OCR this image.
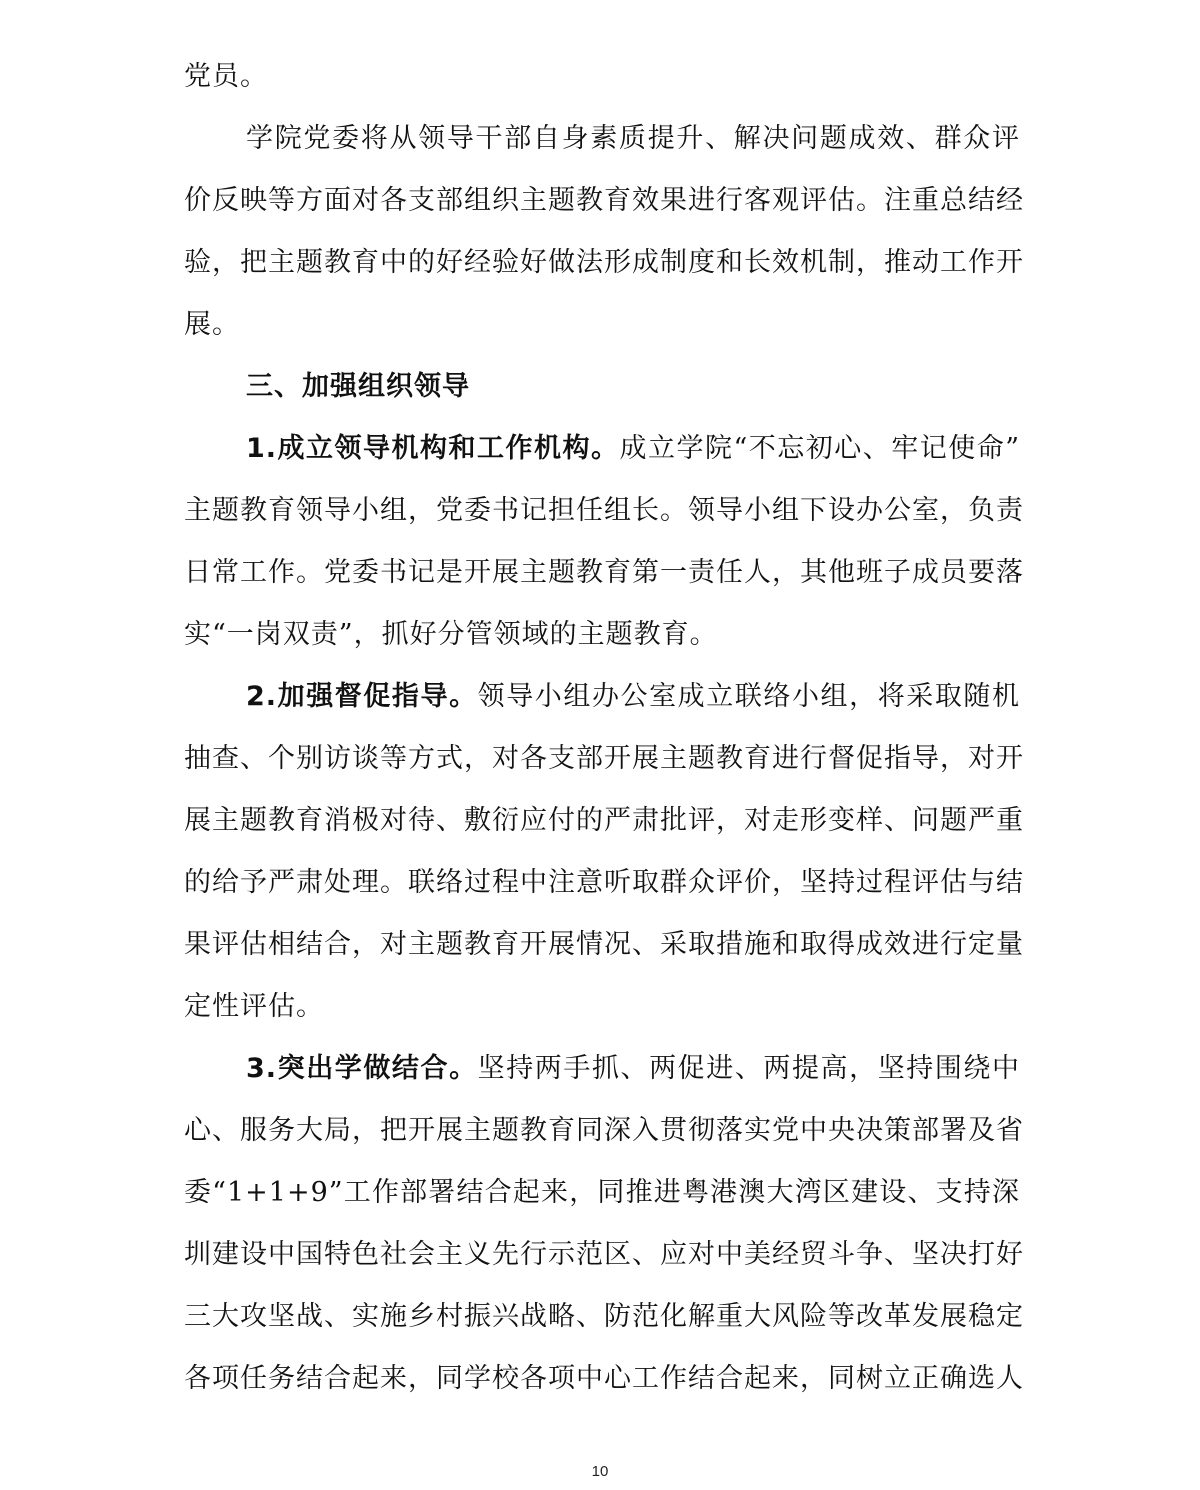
党员。
学院党委将从领导干部自身素质提升、解决问题成效、群众评
价反映等方面对各支部组织主题教育效果进行客观评估。注重总结经
验，把主题教育中的好经验好做法形成制度和长效机制，推动工作开
展。
三、加强组织领导
1.成立领导机构和工作机构。成立学院“不忘初心、牢记使命”
主题教育领导小组，党委书记担任组长。领导小组下设办公室，负责
日常工作。党委书记是开展主题教育第一责任人，其他班子成员要落
实“一岗双责”，抓好分管领域的主题教育。
2.加强督促指导。领导小组办公室成立联络小组，将采取随机
抽查、个别访谈等方式，对各支部开展主题教育进行督促指导，对开
展主题教育消极对待、敷衍应付的严肃批评，对走形变样、问题严重
的给予严肃处理。联络过程中注意听取群众评价，坚持过程评估与结
果评估相结合，对主题教育开展情况、采取措施和取得成效进行定量
定性评估。
3.突出学做结合。坚持两手抓、两促进、两提高，坚持围绕中
心、服务大局，把开展主题教育同深入贯彻落实党中央决策部署及省
委“1+1+9”工作部署结合起来，同推进粤港澳大湾区建设、支持深
圳建设中国特色社会主义先行示范区、应对中美经贸斗争、坚决打好
三大攻坚战、实施乡村振兴战略、防范化解重大风险等改革发展稳定
各项任务结合起来，同学校各项中心工作结合起来，同树立正确选人
10
